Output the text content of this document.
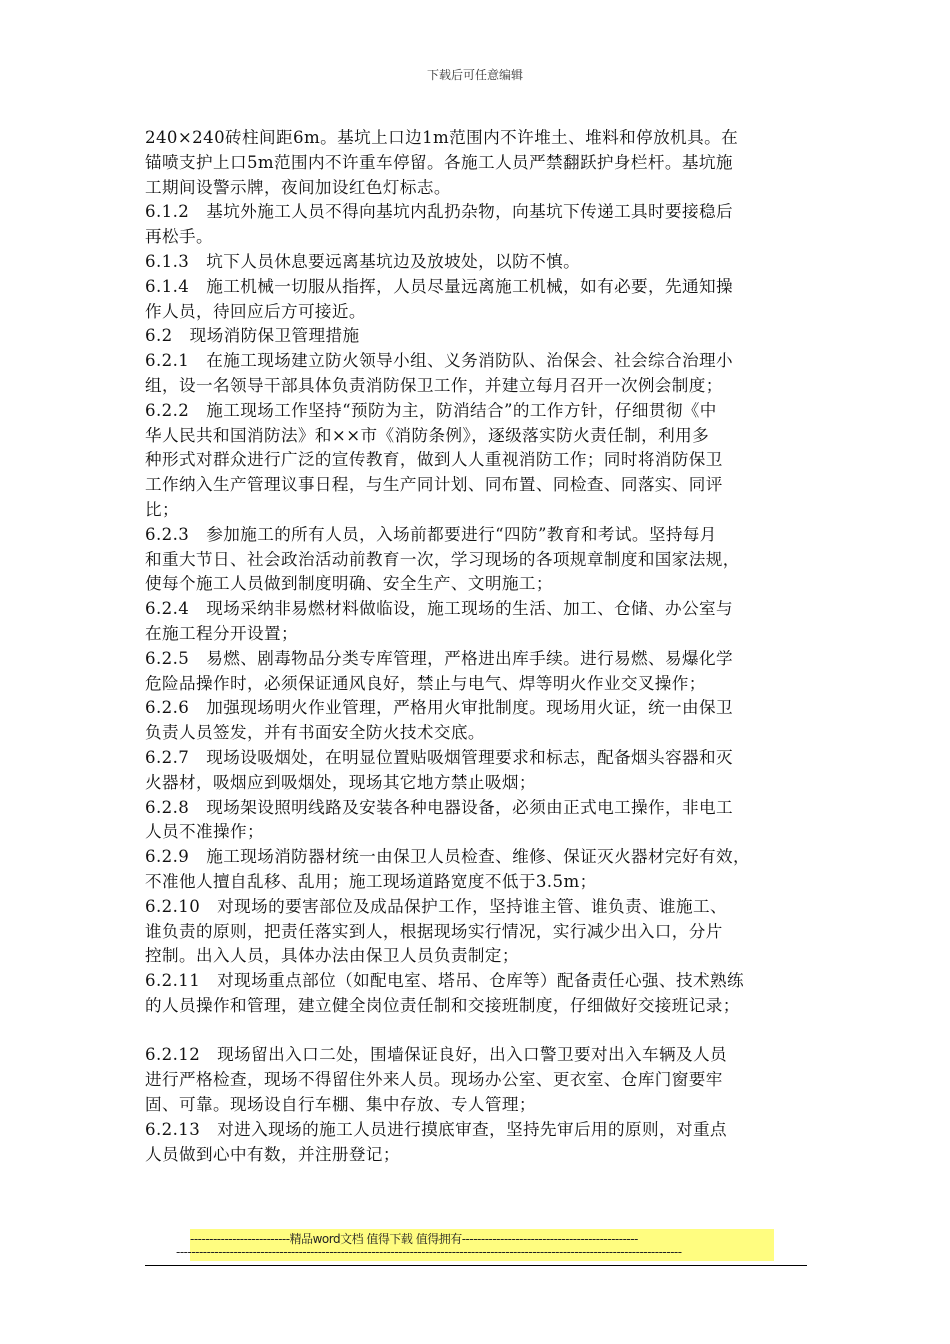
下载后可任意编辑
240×240砖柱间距6m。基坑上口边1m范围内不许堆土、堆料和停放机具。在
锚喷支护上口5m范围内不许重车停留。各施工人员严禁翻跃护身栏杆。基坑施
工期间设警示牌，夜间加设红色灯标志。
6.1.2　基坑外施工人员不得向基坑内乱扔杂物，向基坑下传递工具时要接稳后
再松手。
6.1.3　坑下人员休息要远离基坑边及放坡处，以防不慎。
6.1.4　施工机械一切服从指挥，人员尽量远离施工机械，如有必要，先通知操
作人员，待回应后方可接近。
6.2　现场消防保卫管理措施
6.2.1　在施工现场建立防火领导小组、义务消防队、治保会、社会综合治理小
组，设一名领导干部具体负责消防保卫工作，并建立每月召开一次例会制度；
6.2.2　施工现场工作坚持“预防为主，防消结合”的工作方针，仔细贯彻《中
华人民共和国消防法》和××市《消防条例》，逐级落实防火责任制，利用多
种形式对群众进行广泛的宣传教育，做到人人重视消防工作；同时将消防保卫
工作纳入生产管理议事日程，与生产同计划、同布置、同检查、同落实、同评
比；
6.2.3　参加施工的所有人员，入场前都要进行“四防”教育和考试。坚持每月
和重大节日、社会政治活动前教育一次，学习现场的各项规章制度和国家法规，
使每个施工人员做到制度明确、安全生产、文明施工；
6.2.4　现场采纳非易燃材料做临设，施工现场的生活、加工、仓储、办公室与
在施工程分开设置；
6.2.5　易燃、剧毒物品分类专库管理，严格进出库手续。进行易燃、易爆化学
危险品操作时，必须保证通风良好，禁止与电气、焊等明火作业交叉操作；
6.2.6　加强现场明火作业管理，严格用火审批制度。现场用火证，统一由保卫
负责人员签发，并有书面安全防火技术交底。
6.2.7　现场设吸烟处，在明显位置贴吸烟管理要求和标志，配备烟头容器和灭
火器材，吸烟应到吸烟处，现场其它地方禁止吸烟；
6.2.8　现场架设照明线路及安装各种电器设备，必须由正式电工操作，非电工
人员不准操作；
6.2.9　施工现场消防器材统一由保卫人员检查、维修、保证灭火器材完好有效，
不准他人擅自乱移、乱用；施工现场道路宽度不低于3.5m；
6.2.10　对现场的要害部位及成品保护工作，坚持谁主管、谁负责、谁施工、
谁负责的原则，把责任落实到人，根据现场实行情况，实行减少出入口，分片
控制。出入人员，具体办法由保卫人员负责制定；
6.2.11　对现场重点部位（如配电室、塔吊、仓库等）配备责任心强、技术熟练
的人员操作和管理，建立健全岗位责任制和交接班制度，仔细做好交接班记录；
6.2.12　现场留出入口二处，围墙保证良好，出入口警卫要对出入车辆及人员
进行严格检查，现场不得留住外来人员。现场办公室、更衣室、仓库门窗要牢
固、可靠。现场设自行车棚、集中存放、专人管理；
6.2.13　对进入现场的施工人员进行摸底审查，坚持先审后用的原则，对重点
人员做到心中有数，并注册登记；
--------------------------精品word文档 值得下载 值得拥有----------------------------------------------
------------------------------------------------------------------------------------------------------------------------------------
